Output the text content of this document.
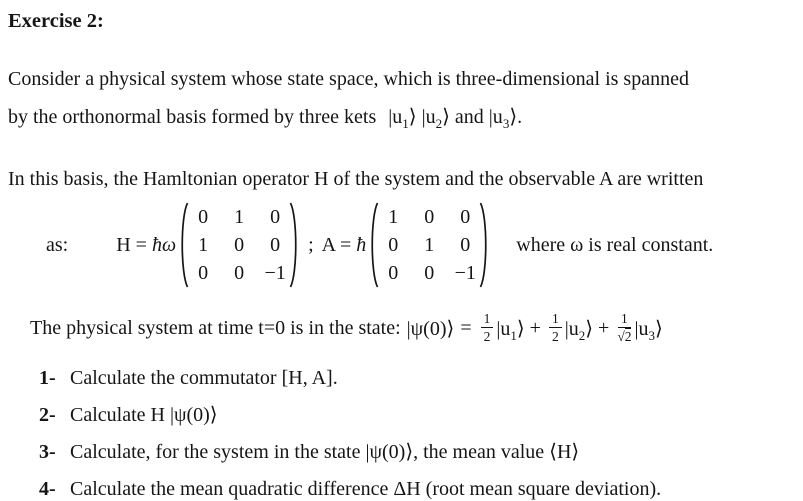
Exercise 2:
Consider a physical system whose state space, which is three-dimensional is spanned
by the orthonormal basis formed by three kets $|u_1⟩$ $|u_2⟩$ and $|u_3⟩$.
In this basis, the Hamltonian operator H of the system and the observable A are written
as: H =
ħω
0 1 0
1 0 0
0 0 −1
; A =
ħ
1 0 0
0 1 0
0 0 −1
where ω is real constant.
The physical system at time t=0 is in the state: |ψ(0)⟩ = $\frac{1}{2}$ $|u_1⟩ + \frac{1}{2}$ $|u_2⟩ + \frac{1}{√2}$ $|u_3⟩$
1- Calculate the commutator [H, A].
2- Calculate H |ψ(0)⟩
3- Calculate, for the system in the state |ψ(0)⟩, the mean value ⟨H⟩
4- Calculate the mean quadratic difference ΔH (root mean square deviation).
